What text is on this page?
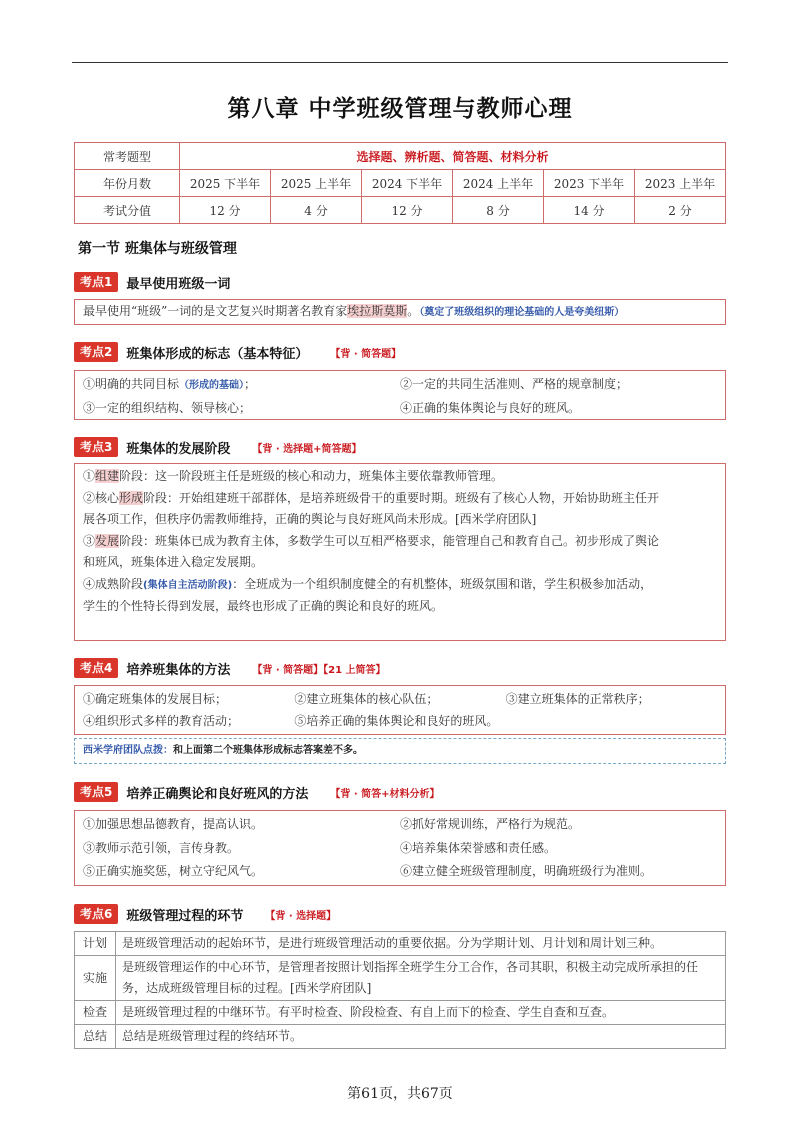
第八章 中学班级管理与教师心理
常考题型	选择题、辨析题、简答题、材料分析					
年份月数	2025 下半年	2025 上半年	2024 下半年	2024 上半年	2023 下半年	2023 上半年
考试分值	12 分	4 分	12 分	8 分	14 分	2 分
第一节 班集体与班级管理
考点1	最早使用班级一词

最早使用“班级”一词的是文艺复兴时期著名教育家埃拉斯莫斯。（奠定了班级组织的理论基础的人是夸美纽斯）

考点2	班集体形成的标志（基本特征） 【背 · 简答题】
①明确的共同目标（形成的基础）；	②一定的共同生活准则、严格的规章制度；
③一定的组织结构、领导核心；	④正确的集体舆论与良好的班风。
考点3	班集体的发展阶段 【背 · 选择题+简答题】

①组建阶段：这一阶段班主任是班级的核心和动力，班集体主要依靠教师管理。

②核心形成阶段：开始组建班干部群体，是培养班级骨干的重要时期。班级有了核心人物，开始协助班主任开

展各项工作，但秩序仍需教师维持，正确的舆论与良好班风尚未形成。[西米学府团队]

③发展阶段：班集体已成为教育主体，多数学生可以互相严格要求，能管理自己和教育自己。初步形成了舆论

和班风，班集体进入稳定发展期。

④成熟阶段(集体自主活动阶段)：全班成为一个组织制度健全的有机整体，班级氛围和谐，学生积极参加活动，

学生的个性特长得到发展，最终也形成了正确的舆论和良好的班风。

考点4	培养班集体的方法 【背 · 简答题】【21 上简答】
①确定班集体的发展目标；	②建立班集体的核心队伍；	③建立班集体的正常秩序；
④组织形式多样的教育活动；	⑤培养正确的集体舆论和良好的班风。
西米学府团队点拨：和上面第二个班集体形成标志答案差不多。
考点5	培养正确舆论和良好班风的方法 【背 · 简答+材料分析】
①加强思想品德教育，提高认识。	②抓好常规训练，严格行为规范。
③教师示范引领，言传身教。	④培养集体荣誉感和责任感。
⑤正确实施奖惩，树立守纪风气。	⑥建立健全班级管理制度，明确班级行为准则。
考点6	班级管理过程的环节 【背 · 选择题】
计划	是班级管理活动的起始环节，是进行班级管理活动的重要依据。分为学期计划、月计划和周计划三种。
实施	是班级管理运作的中心环节，是管理者按照计划指挥全班学生分工合作，各司其职，积极主动完成所承担的任务，达成班级管理目标的过程。[西米学府团队]
检查	是班级管理过程的中继环节。有平时检查、阶段检查、有自上而下的检查、学生自查和互查。
总结	总结是班级管理过程的终结环节。
第61页，共67页
